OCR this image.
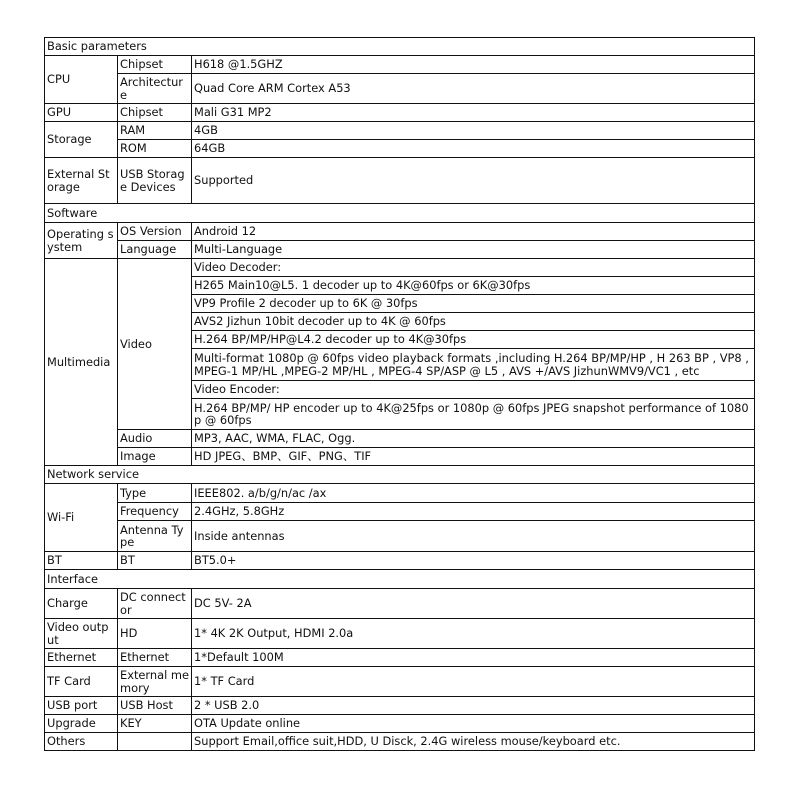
Basic parameters		
CPU	Chipset	H618 @1.5GHZ
	Architecture	Quad Core ARM Cortex A53
GPU	Chipset	Mali G31 MP2
Storage	RAM	4GB
	ROM	64GB
External Storage	USB Storage Devices	Supported
Software		
Operating system	OS Version	Android 12
	Language	Multi-Language
Multimedia	Video	Video Decoder:
		H265 Main10@L5. 1 decoder up to 4K@60fps or 6K@30fps
		VP9 Profile 2 decoder up to 6K @ 30fps
		AVS2 Jizhun 10bit decoder up to 4K @ 60fps
		H.264 BP/MP/HP@L4.2 decoder up to 4K@30fps
		Multi-format 1080p @ 60fps video playback formats ,including H.264 BP/MP/HP , H 263 BP , VP8 , MPEG-1 MP/HL ,MPEG-2 MP/HL , MPEG-4 SP/ASP @ L5 , AVS +/AVS JizhunWMV9/VC1 , etc
		Video Encoder:
		H.264 BP/MP/ HP encoder up to 4K@25fps or 1080p @ 60fps JPEG snapshot performance of 1080p @ 60fps
	Audio	MP3, AAC, WMA, FLAC, Ogg.
	Image	HD JPEG、BMP、GIF、PNG、TIF
Network service		
Wi-Fi	Type	IEEE802. a/b/g/n/ac /ax
	Frequency	2.4GHz, 5.8GHz
	Antenna Type	Inside antennas
BT	BT	BT5.0+
Interface		
Charge	DC connector	DC 5V- 2A
Video output	HD	1* 4K 2K Output, HDMI 2.0a
Ethernet	Ethernet	1*Default 100M
TF Card	External memory	1* TF Card
USB port	USB Host	2 * USB 2.0
Upgrade	KEY	OTA Update online
Others		Support Email,office suit,HDD, U Disck, 2.4G wireless mouse/keyboard etc.
